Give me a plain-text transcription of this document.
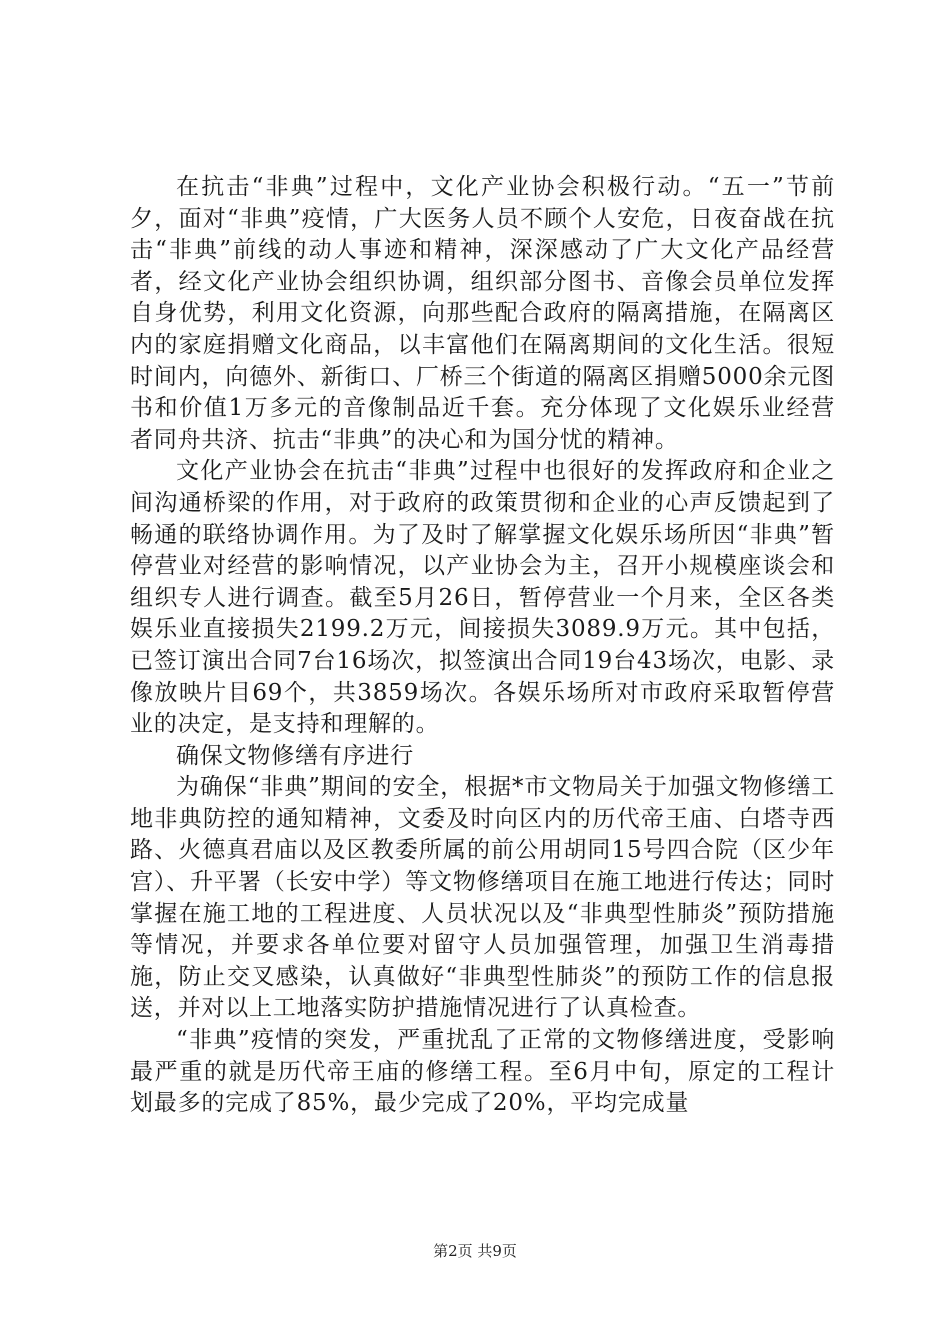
在抗击“非典”过程中，文化产业协会积极行动。“五一”节前夕，面对“非典”疫情，广大医务人员不顾个人安危，日夜奋战在抗击“非典”前线的动人事迹和精神，深深感动了广大文化产品经营者，经文化产业协会组织协调，组织部分图书、音像会员单位发挥自身优势，利用文化资源，向那些配合政府的隔离措施，在隔离区内的家庭捐赠文化商品，以丰富他们在隔离期间的文化生活。很短时间内，向德外、新街口、厂桥三个街道的隔离区捐赠5000余元图书和价值1万多元的音像制品近千套。充分体现了文化娱乐业经营者同舟共济、抗击“非典”的决心和为国分忧的精神。

文化产业协会在抗击“非典”过程中也很好的发挥政府和企业之间沟通桥梁的作用，对于政府的政策贯彻和企业的心声反馈起到了畅通的联络协调作用。为了及时了解掌握文化娱乐场所因“非典”暂停营业对经营的影响情况，以产业协会为主，召开小规模座谈会和组织专人进行调查。截至5月26日，暂停营业一个月来，全区各类娱乐业直接损失2199.2万元，间接损失3089.9万元。其中包括，已签订演出合同7台16场次，拟签演出合同19台43场次，电影、录像放映片目69个，共3859场次。各娱乐场所对市政府采取暂停营业的决定，是支持和理解的。

确保文物修缮有序进行

为确保“非典”期间的安全，根据*市文物局关于加强文物修缮工地非典防控的通知精神，文委及时向区内的历代帝王庙、白塔寺西路、火德真君庙以及区教委所属的前公用胡同15号四合院（区少年宫）、升平署（长安中学）等文物修缮项目在施工地进行传达；同时掌握在施工地的工程进度、人员状况以及“非典型性肺炎”预防措施等情况，并要求各单位要对留守人员加强管理，加强卫生消毒措施，防止交叉感染，认真做好“非典型性肺炎”的预防工作的信息报送，并对以上工地落实防护措施情况进行了认真检查。

“非典”疫情的突发，严重扰乱了正常的文物修缮进度，受影响最严重的就是历代帝王庙的修缮工程。至6月中旬，原定的工程计划最多的完成了85%，最少完成了20%，平均完成量

第2页 共9页
